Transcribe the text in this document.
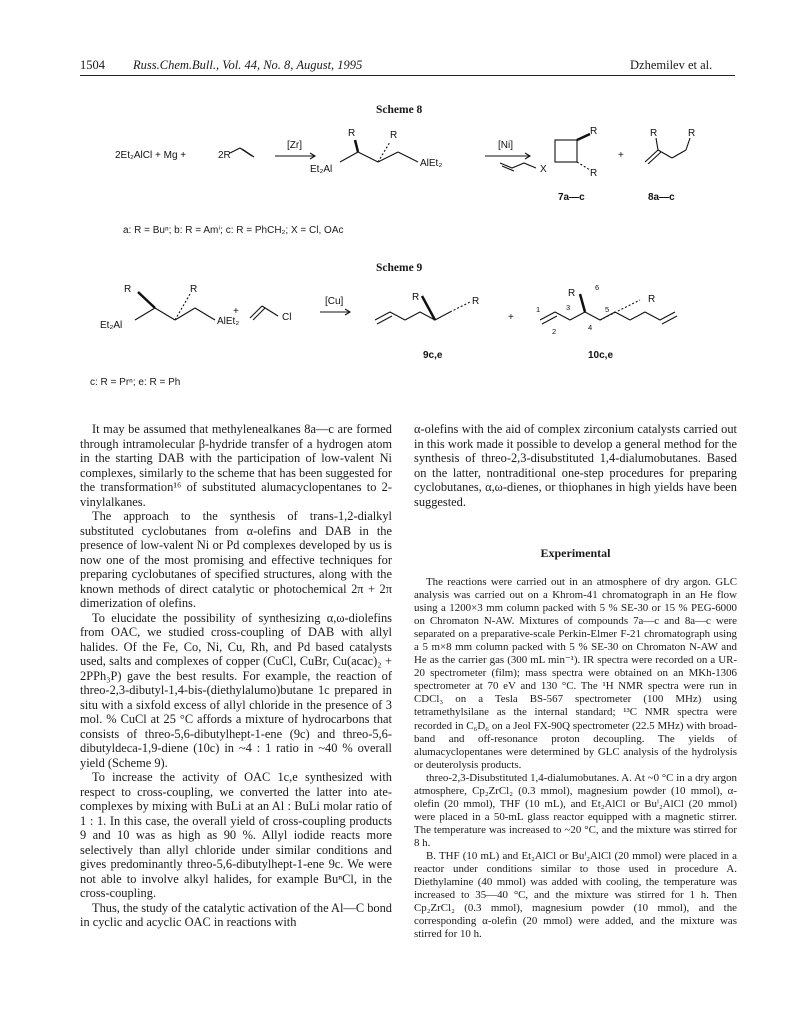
1504 Russ.Chem.Bull., Vol. 44, No. 8, August, 1995	Dzhemilev et al.
Scheme 8
2Et₂AlCl + Mg +	2R
[Zr]
R	R
Et₂Al
AlEt₂
[Ni]
X
R
R
+
R	R
7a—c	8a—c
a: R = Buⁿ; b: R = Amⁱ; c: R = PhCH₂; X = Cl, OAc
Scheme 9
R	R
Et₂Al	AlEt₂
+
Cl
[Cu]	R	R
+
R
R
1
2
3
4
5
6
9c,e	10c,e
c: R = Prⁿ; e: R = Ph

It may be assumed that methylenealkanes 8a—c are formed through intramolecular β-hydride transfer of a hydrogen atom in the starting DAB with the participation of low-valent Ni complexes, similarly to the scheme that has been suggested for the transformation¹⁶ of substituted alumacyclopentanes to 2-vinylalkanes.

The approach to the synthesis of trans-1,2-dialkyl substituted cyclobutanes from α-olefins and DAB in the presence of low-valent Ni or Pd complexes developed by us is now one of the most promising and effective techniques for preparing cyclobutanes of specified structures, along with the known methods of direct catalytic or photochemical 2π + 2π dimerization of olefins.

To elucidate the possibility of synthesizing α,ω-diolefins from OAC, we studied cross-coupling of DAB with allyl halides. Of the Fe, Co, Ni, Cu, Rh, and Pd based catalysts used, salts and complexes of copper (CuCl, CuBr, Cu(acac)₂ + 2PPh₃P) gave the best results. For example, the reaction of threo-2,3-dibutyl-1,4-bis-(diethylalumo)butane 1c prepared in situ with a sixfold excess of allyl chloride in the presence of 3 mol. % CuCl at 25 °C affords a mixture of hydrocarbons that consists of threo-5,6-dibutylhept-1-ene (9c) and threo-5,6-dibutyldeca-1,9-diene (10c) in ~4 : 1 ratio in ~40 % overall yield (Scheme 9).

To increase the activity of OAC 1c,e synthesized with respect to cross-coupling, we converted the latter into ate-complexes by mixing with BuLi at an Al : BuLi molar ratio of 1 : 1. In this case, the overall yield of cross-coupling products 9 and 10 was as high as 90 %. Allyl iodide reacts more selectively than allyl chloride under similar conditions and gives predominantly threo-5,6-dibutylhept-1-ene 9c. We were not able to involve alkyl halides, for example BuⁿCl, in the cross-coupling.

Thus, the study of the catalytic activation of the Al—C bond in cyclic and acyclic OAC in reactions with

α-olefins with the aid of complex zirconium catalysts carried out in this work made it possible to develop a general method for the synthesis of threo-2,3-disubstituted 1,4-dialumobutanes. Based on the latter, nontraditional one-step procedures for preparing cyclobutanes, α,ω-dienes, or thiophanes in high yields have been suggested.

Experimental

The reactions were carried out in an atmosphere of dry argon. GLC analysis was carried out on a Khrom-41 chromatograph in an He flow using a 1200×3 mm column packed with 5 % SE-30 or 15 % PEG-6000 on Chromaton N-AW. Mixtures of compounds 7a—c and 8a—c were separated on a preparative-scale Perkin-Elmer F-21 chromatograph using a 5 m×8 mm column packed with 5 % SE-30 on Chromaton N-AW and He as the carrier gas (300 mL min⁻¹). IR spectra were recorded on a UR-20 spectrometer (film); mass spectra were obtained on an MKh-1306 spectrometer at 70 eV and 130 °C. The ¹H NMR spectra were run in CDCl₃ on a Tesla BS-567 spectrometer (100 MHz) using tetramethylsilane as the internal standard; ¹³C NMR spectra were recorded in C₆D₆ on a Jeol FX-90Q spectrometer (22.5 MHz) with broad-band and off-resonance proton decoupling. The yields of alumacyclopentanes were determined by GLC analysis of the hydrolysis or deuterolysis products.

threo-2,3-Disubstituted 1,4-dialumobutanes. A. At ~0 °C in a dry argon atmosphere, Cp₂ZrCl₂ (0.3 mmol), magnesium powder (10 mmol), α-olefin (20 mmol), THF (10 mL), and Et₂AlCl or Buⁱ₂AlCl (20 mmol) were placed in a 50-mL glass reactor equipped with a magnetic stirrer. The temperature was increased to ~20 °C, and the mixture was stirred for 8 h.

B. THF (10 mL) and Et₂AlCl or Buⁱ₂AlCl (20 mmol) were placed in a reactor under conditions similar to those used in procedure A. Diethylamine (40 mmol) was added with cooling, the temperature was increased to 35—40 °C, and the mixture was stirred for 1 h. Then Cp₂ZrCl₂ (0.3 mmol), magnesium powder (10 mmol), and the corresponding α-olefin (20 mmol) were added, and the mixture was stirred for 10 h.
